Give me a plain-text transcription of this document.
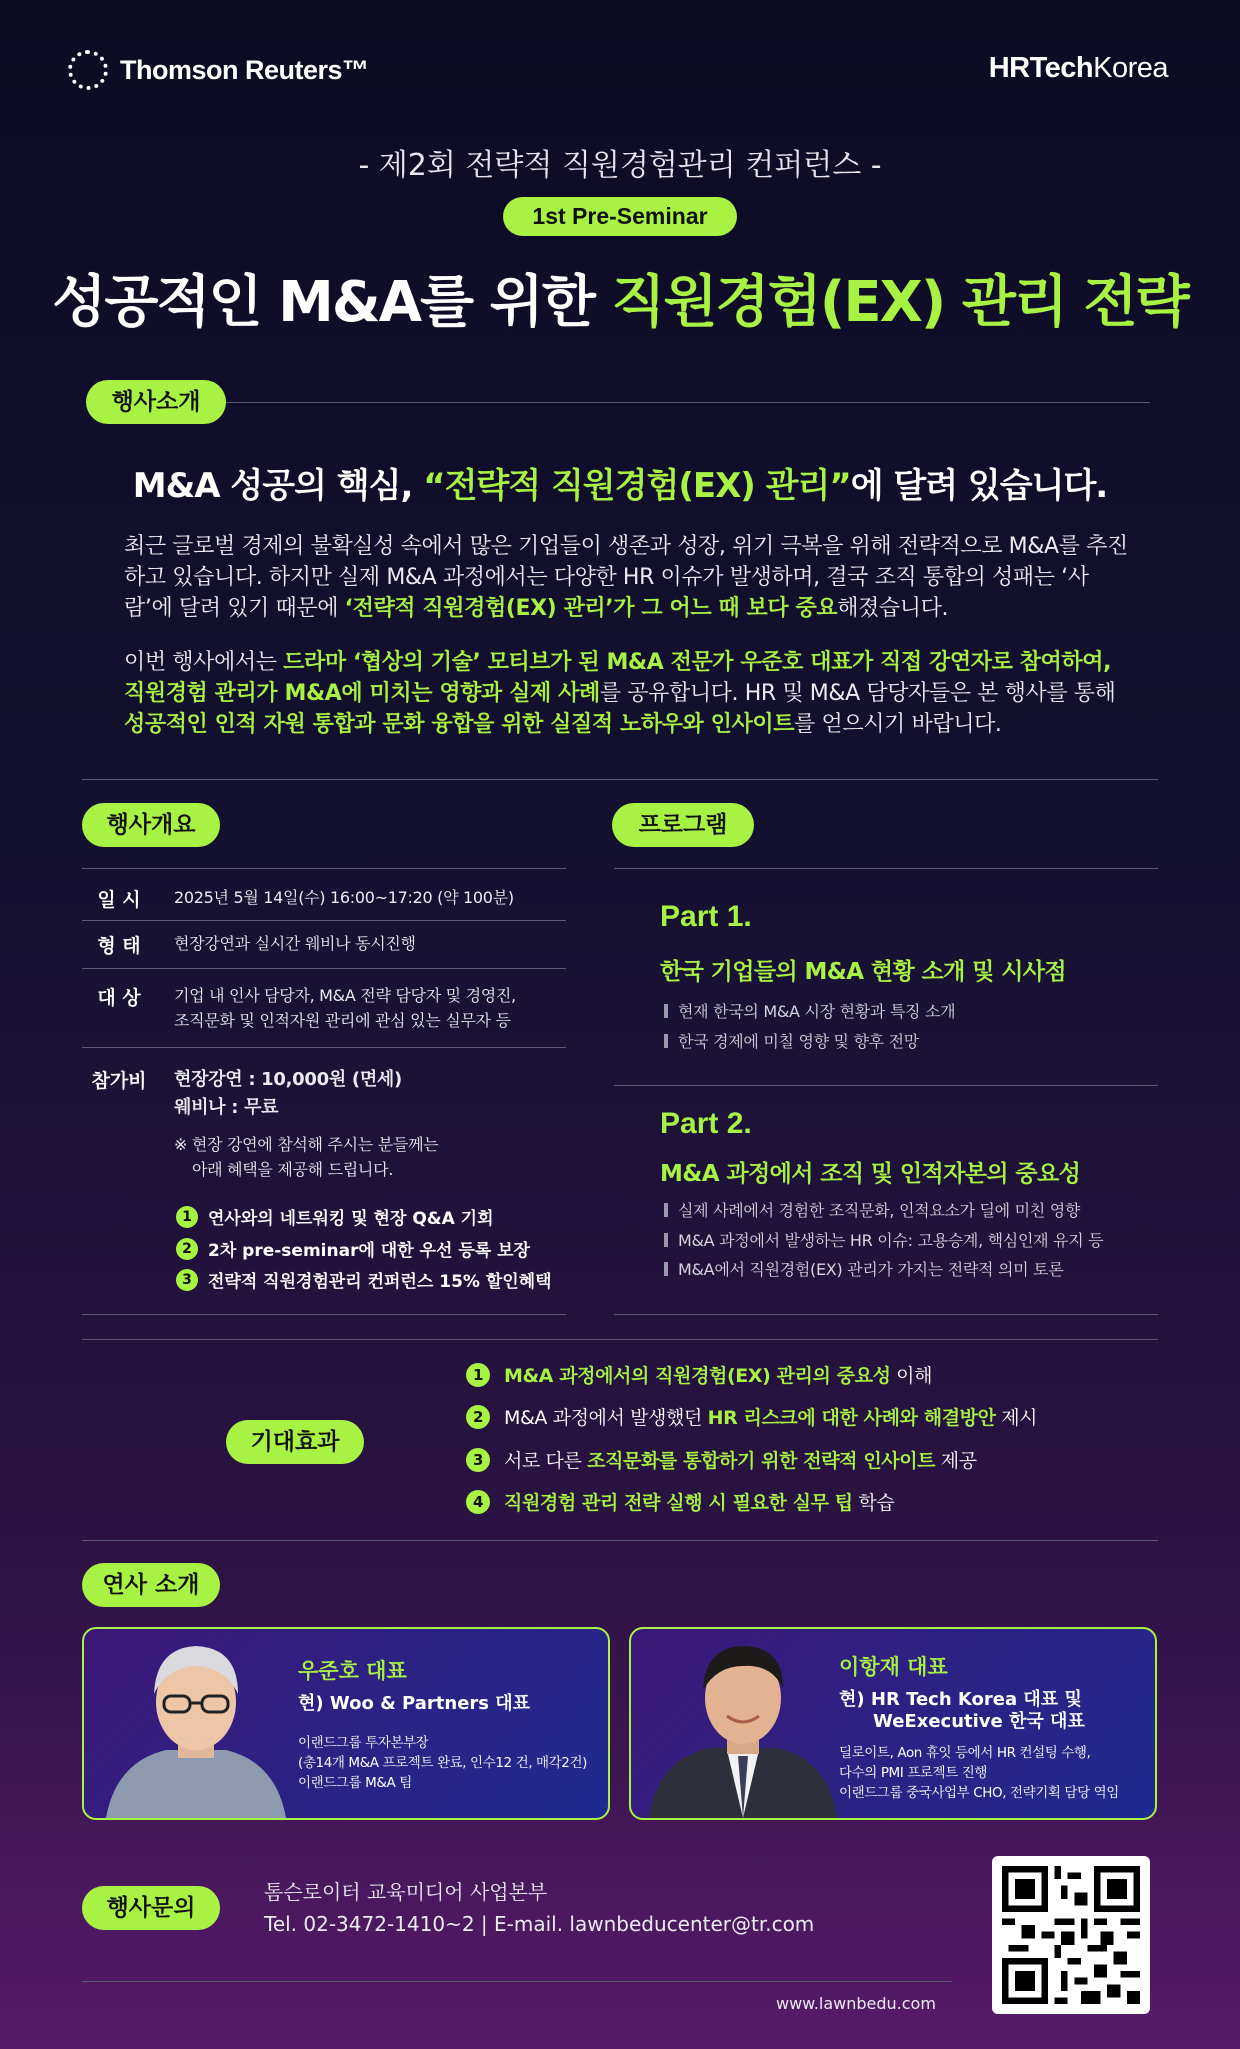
Thomson Reuters™	HRTechKorea
- 제2회 전략적 직원경험관리 컨퍼런스 -
1st Pre-Seminar
성공적인 M&A를 위한 직원경험(EX) 관리 전략
행사소개
M&A 성공의 핵심, “전략적 직원경험(EX) 관리”에 달려 있습니다.
최근 글로벌 경제의 불확실성 속에서 많은 기업들이 생존과 성장, 위기 극복을 위해 전략적으로 M&A를 추진하고 있습니다. 하지만 실제 M&A 과정에서는 다양한 HR 이슈가 발생하며, 결국 조직 통합의 성패는 ‘사람’에 달려 있기 때문에 ‘전략적 직원경험(EX) 관리’가 그 어느 때 보다 중요해졌습니다.
이번 행사에서는 드라마 ‘협상의 기술’ 모티브가 된 M&A 전문가 우준호 대표가 직접 강연자로 참여하여, 직원경험 관리가 M&A에 미치는 영향과 실제 사례를 공유합니다. HR 및 M&A 담당자들은 본 행사를 통해 성공적인 인적 자원 통합과 문화 융합을 위한 실질적 노하우와 인사이트를 얻으시기 바랍니다.
행사개요
일 시	2025년 5월 14일(수) 16:00~17:20 (약 100분)
형 태	현장강연과 실시간 웨비나 동시진행
대 상	기업 내 인사 담당자, M&A 전략 담당자 및 경영진,
조직문화 및 인적자원 관리에 관심 있는 실무자 등
참가비	현장강연 : 10,000원 (면세)
웨비나 : 무료
※ 현장 강연에 참석해 주시는 분들께는
아래 혜택을 제공해 드립니다.
1 연사와의 네트워킹 및 현장 Q&A 기회
2 2차 pre-seminar에 대한 우선 등록 보장
3 전략적 직원경험관리 컨퍼런스 15% 할인혜택
프로그램
Part 1.
한국 기업들의 M&A 현황 소개 및 시사점
현재 한국의 M&A 시장 현황과 특징 소개
한국 경제에 미칠 영향 및 향후 전망
Part 2.
M&A 과정에서 조직 및 인적자본의 중요성
실제 사례에서 경험한 조직문화, 인적요소가 딜에 미친 영향
M&A 과정에서 발생하는 HR 이슈: 고용승계, 핵심인재 유지 등
M&A에서 직원경험(EX) 관리가 가지는 전략적 의미 토론
기대효과
1	M&A 과정에서의 직원경험(EX) 관리의 중요성 이해
2	M&A 과정에서 발생했던 HR 리스크에 대한 사례와 해결방안 제시
3	서로 다른 조직문화를 통합하기 위한 전략적 인사이트 제공
4	직원경험 관리 전략 실행 시 필요한 실무 팁 학습
연사 소개
우준호 대표
현) Woo & Partners 대표
이랜드그룹 투자본부장
(총14개 M&A 프로젝트 완료, 인수12 건, 매각2건)
이랜드그룹 M&A 팀
이항재 대표
현) HR Tech Korea 대표 및
WeExecutive 한국 대표
딜로이트, Aon 휴잇 등에서 HR 컨설팅 수행,
다수의 PMI 프로젝트 진행
이랜드그룹 중국사업부 CHO, 전략기획 담당 역임
행사문의
톰슨로이터 교육미디어 사업본부
Tel. 02-3472-1410~2 | E-mail. lawnbeducenter@tr.com
www.lawnbedu.com
